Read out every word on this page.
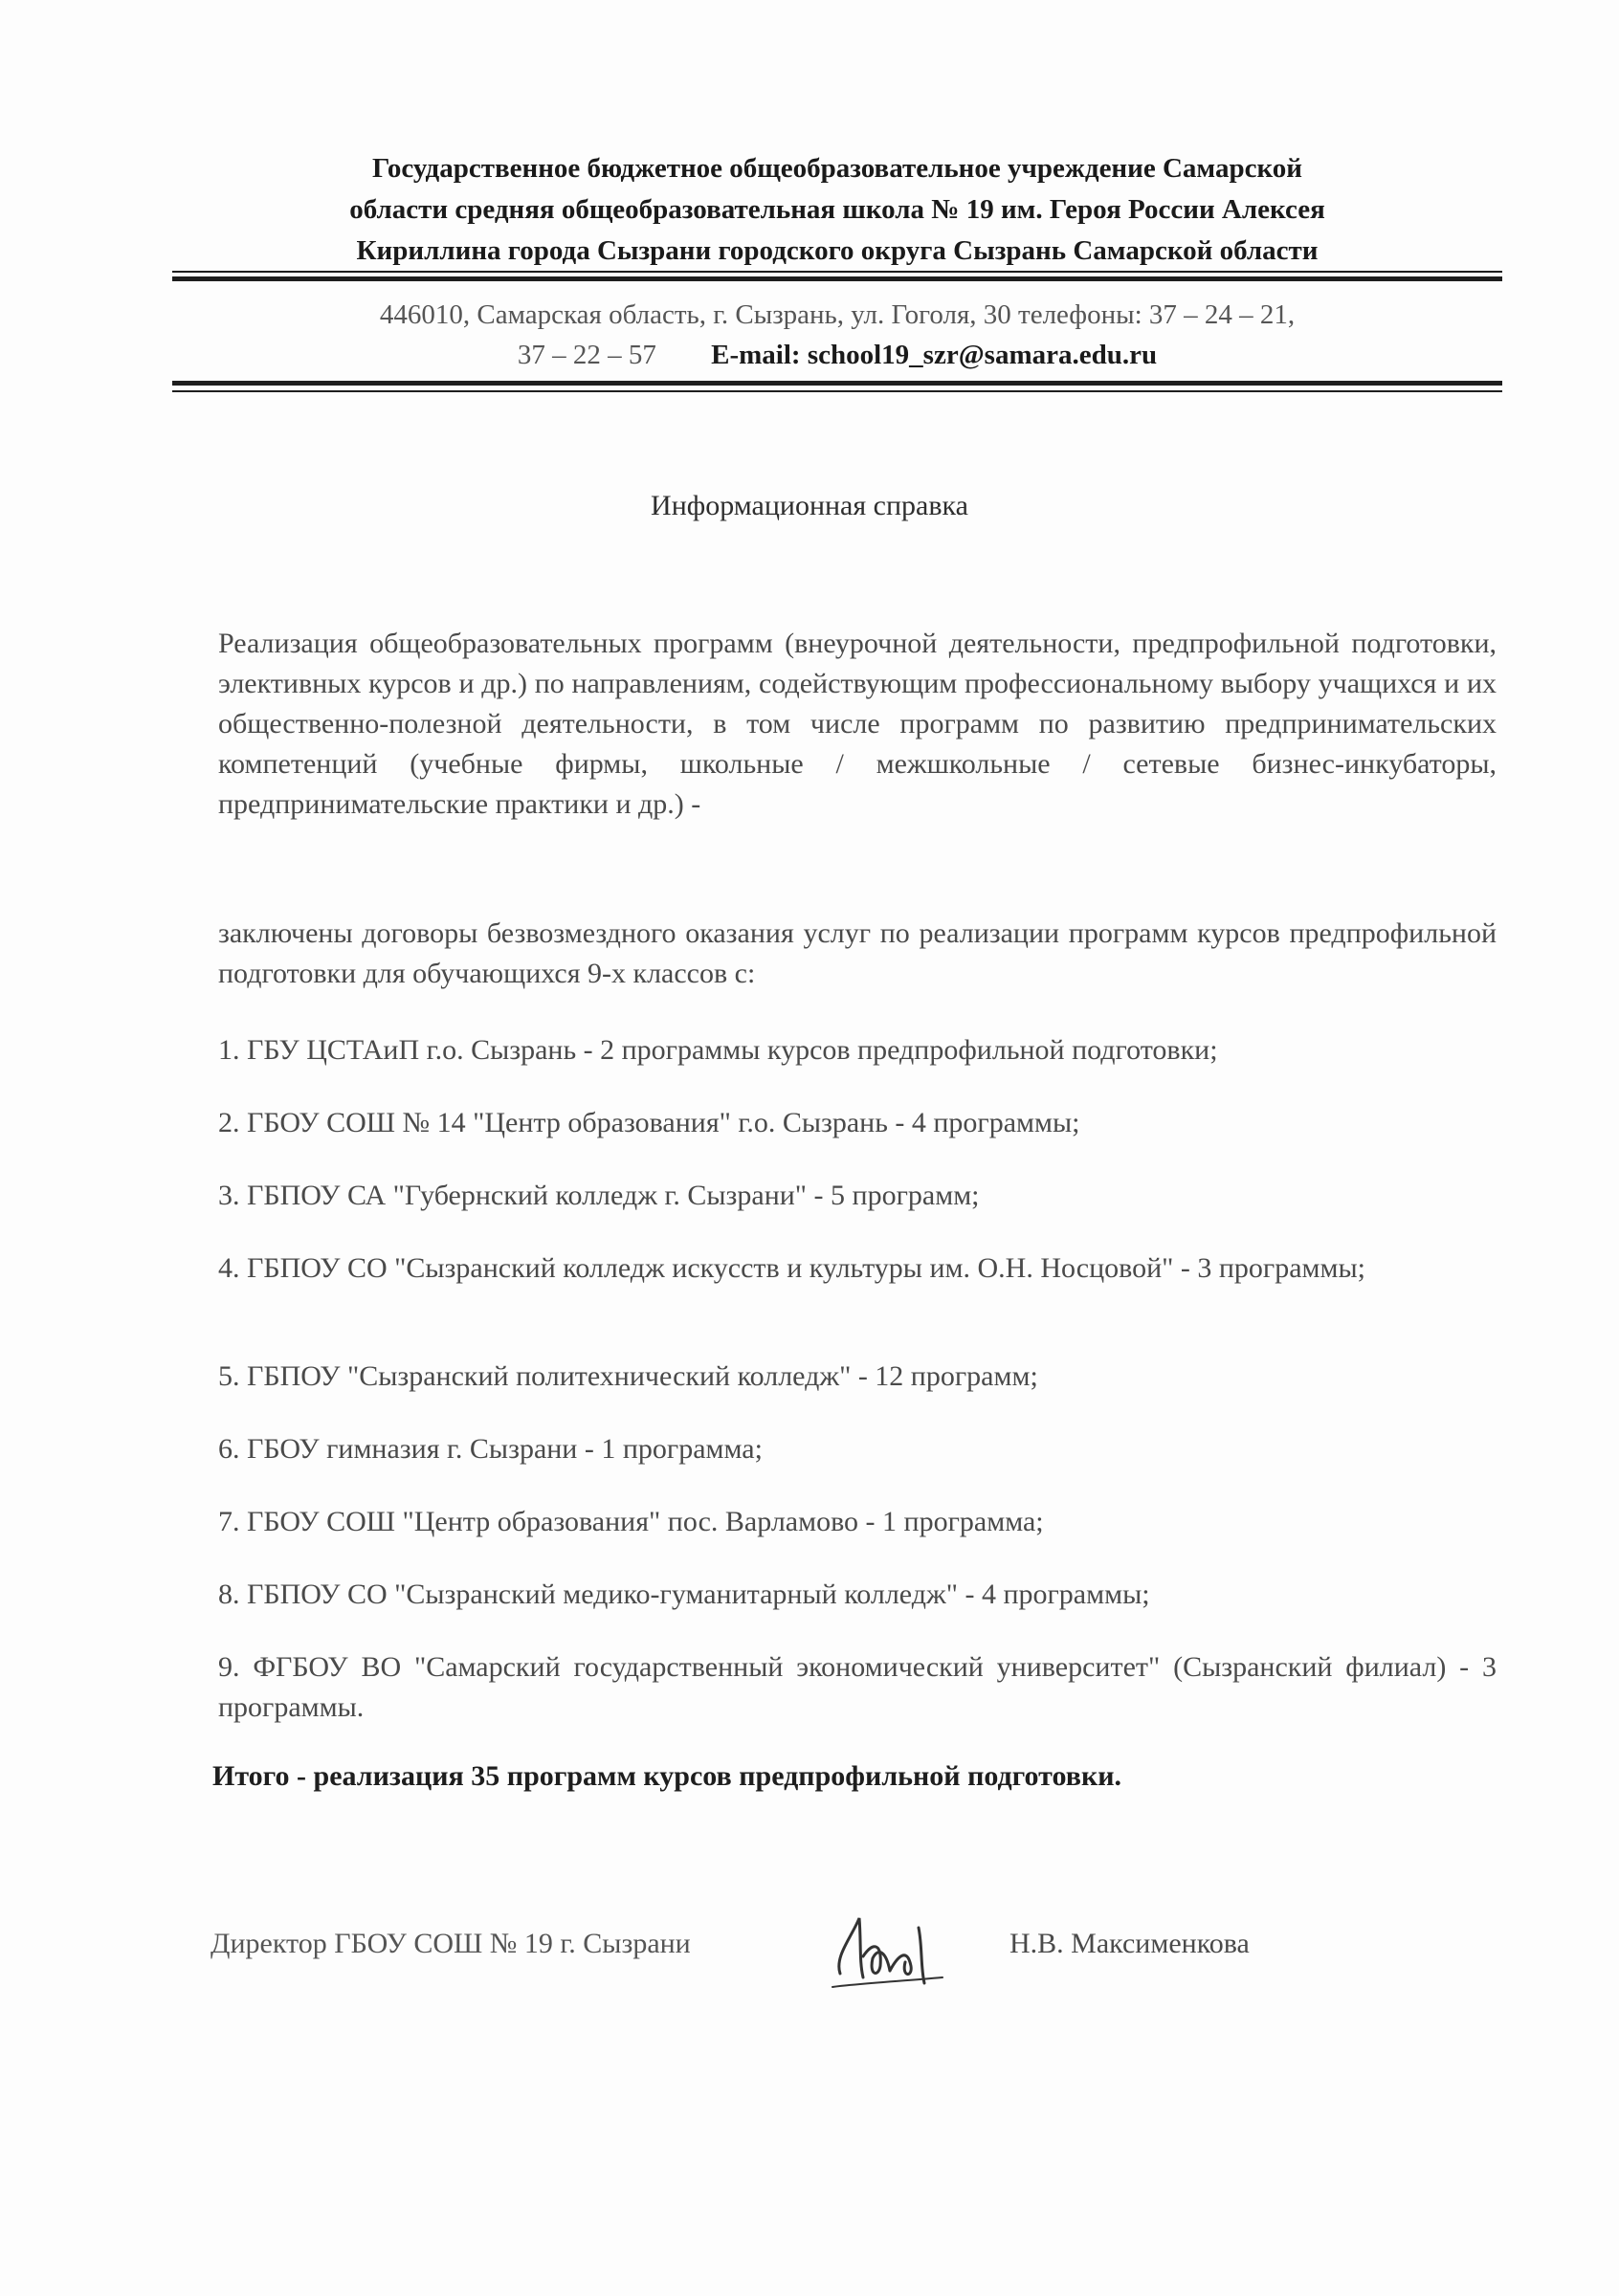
Государственное бюджетное общеобразовательное учреждение Самарской
области средняя общеобразовательная школа № 19 им. Героя России Алексея
Кириллина города Сызрани городского округа Сызрань Самарской области
446010, Самарская область, г. Сызрань, ул. Гоголя, 30 телефоны: 37 – 24 – 21,
37 – 22 – 57 E-mail: school19_szr@samara.edu.ru
Информационная справка
Реализация общеобразовательных программ (внеурочной деятельности, предпрофильной подготовки, элективных курсов и др.) по направлениям, содействующим профессиональному выбору учащихся и их общественно-полезной деятельности, в том числе программ по развитию предпринимательских компетенций (учебные фирмы, школьные / межшкольные / сетевые бизнес-инкубаторы, предпринимательские практики и др.) -
заключены договоры безвозмездного оказания услуг по реализации программ курсов предпрофильной подготовки для обучающихся 9-х классов с:
1. ГБУ ЦСТАиП г.о. Сызрань - 2 программы курсов предпрофильной подготовки;
2. ГБОУ СОШ № 14 "Центр образования" г.о. Сызрань - 4 программы;
3. ГБПОУ СА "Губернский колледж г. Сызрани" - 5 программ;
4. ГБПОУ СО "Сызранский колледж искусств и культуры им. О.Н. Носцовой" - 3 программы;
5. ГБПОУ "Сызранский политехнический колледж" - 12 программ;
6. ГБОУ гимназия г. Сызрани - 1 программа;
7. ГБОУ СОШ "Центр образования" пос. Варламово - 1 программа;
8. ГБПОУ СО "Сызранский медико-гуманитарный колледж" - 4 программы;
9. ФГБОУ ВО "Самарский государственный экономический университет" (Сызранский филиал) - 3 программы.
Итого - реализация 35 программ курсов предпрофильной подготовки.
Директор ГБОУ СОШ № 19 г. Сызрани	Н.В. Максименкова
